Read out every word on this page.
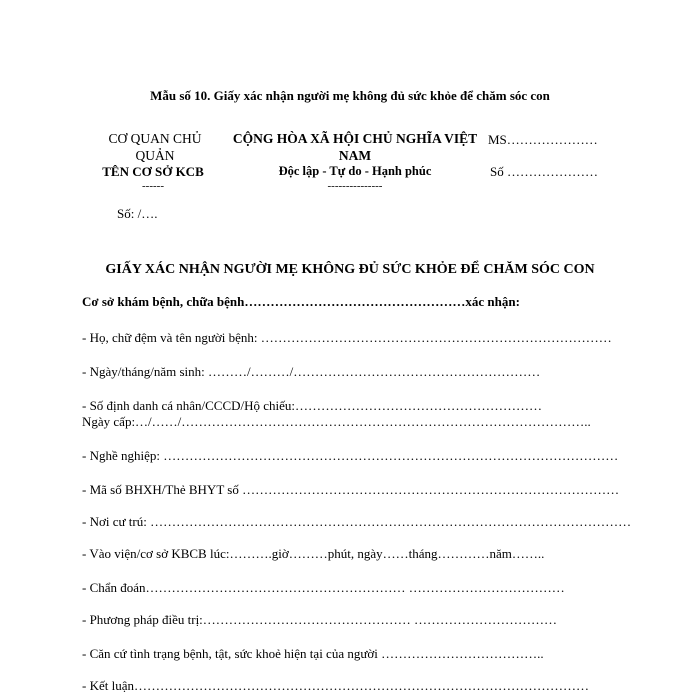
Mẫu số 10. Giấy xác nhận người mẹ không đủ sức khỏe để chăm sóc con
CƠ QUAN CHỦ QUẢN
TÊN CƠ SỞ KCB
------
CỘNG HÒA XÃ HỘI CHỦ NGHĨA VIỆT NAM
Độc lập - Tự do - Hạnh phúc
---------------
MS…………………
Số …………………
Số: /….
GIẤY XÁC NHẬN NGƯỜI MẸ KHÔNG ĐỦ SỨC KHỎE ĐỂ CHĂM SÓC CON
Cơ sở khám bệnh, chữa bệnh……………………………………………xác nhận:
- Họ, chữ đệm và tên người bệnh: ………………………………………………………………………
- Ngày/tháng/năm sinh: ………/………/…………………………………………………
- Số định danh cá nhân/CCCD/Hộ chiếu:…………………………………………………
Ngày cấp:…/……/…………………………………………………………………………………..
- Nghề nghiệp: ……………………………………………………………………………………………
- Mã số BHXH/Thẻ BHYT số ……………………………………………………………………………
- Nơi cư trú: …………………………………………………………………………………………………
- Vào viện/cơ sở KBCB lúc:……….giờ………phút, ngày……tháng…………năm……..
- Chẩn đoán…………………………………………………… ………………………………
- Phương pháp điều trị:………………………………………… ……………………………
- Căn cứ tình trạng bệnh, tật, sức khoẻ hiện tại của người ………………………………..
- Kết luận……………………………………………………………………………………………
